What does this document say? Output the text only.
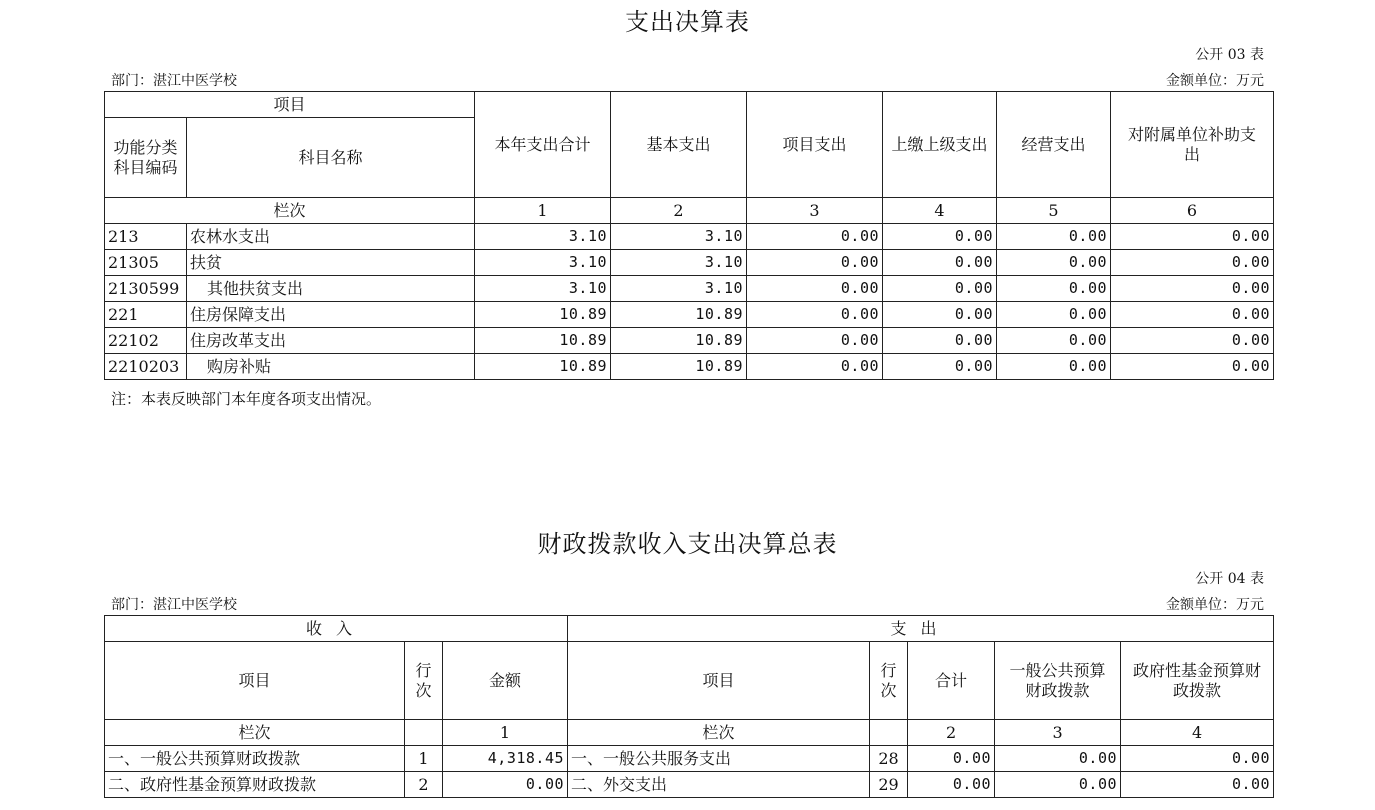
支出决算表
公开 03 表
部门：湛江中医学校	金额单位：万元
项目		本年支出合计	基本支出	项目支出	上缴上级支出	经营支出	对附属单位补助支出
功能分类科目编码	科目名称						
栏次		1	2	3	4	5	6
213	农林水支出	3.10	3.10	0.00	0.00	0.00	0.00
21305	扶贫	3.10	3.10	0.00	0.00	0.00	0.00
2130599	其他扶贫支出	3.10	3.10	0.00	0.00	0.00	0.00
221	住房保障支出	10.89	10.89	0.00	0.00	0.00	0.00
22102	住房改革支出	10.89	10.89	0.00	0.00	0.00	0.00
2210203	购房补贴	10.89	10.89	0.00	0.00	0.00	0.00
注：本表反映部门本年度各项支出情况。
财政拨款收入支出决算总表
公开 04 表
部门：湛江中医学校	金额单位：万元
收入			支出				
项目	行次	金额	项目	行次	合计	一般公共预算财政拨款	政府性基金预算财政拨款
栏次		1	栏次		2	3	4
一、一般公共预算财政拨款	1	4,318.45	一、一般公共服务支出	28	0.00	0.00	0.00
二、政府性基金预算财政拨款	2	0.00	二、外交支出	29	0.00	0.00	0.00
